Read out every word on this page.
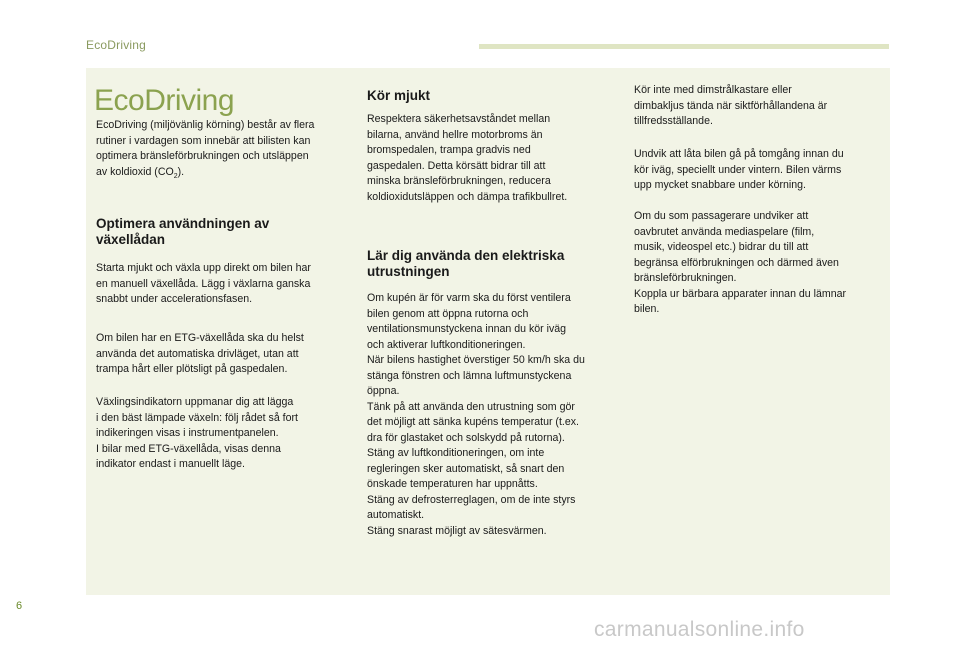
EcoDriving
EcoDriving

EcoDriving (miljövänlig körning) består av flera
rutiner i vardagen som innebär att bilisten kan
optimera bränsleförbrukningen och utsläppen
av koldioxid $(CO_2)$.

Optimera användningen av
växellådan

Starta mjukt och växla upp direkt om bilen har
en manuell växellåda. Lägg i växlarna ganska
snabbt under accelerationsfasen.

Om bilen har en ETG-växellåda ska du helst
använda det automatiska drivläget, utan att
trampa hårt eller plötsligt på gaspedalen.

Växlingsindikatorn uppmanar dig att lägga
i den bäst lämpade växeln: följ rådet så fort
indikeringen visas i instrumentpanelen.
I bilar med ETG-växellåda, visas denna
indikator endast i manuellt läge.

Kör mjukt

Respektera säkerhetsavståndet mellan
bilarna, använd hellre motorbroms än
bromspedalen, trampa gradvis ned
gaspedalen. Detta körsätt bidrar till att
minska bränsleförbrukningen, reducera
koldioxidutsläppen och dämpa trafikbullret.

Lär dig använda den elektriska
utrustningen

Om kupén är för varm ska du först ventilera
bilen genom att öppna rutorna och
ventilationsmunstyckena innan du kör iväg
och aktiverar luftkonditioneringen.
När bilens hastighet överstiger 50 km/h ska du
stänga fönstren och lämna luftmunstyckena
öppna.
Tänk på att använda den utrustning som gör
det möjligt att sänka kupéns temperatur (t.ex.
dra för glastaket och solskydd på rutorna).
Stäng av luftkonditioneringen, om inte
regleringen sker automatiskt, så snart den
önskade temperaturen har uppnåtts.
Stäng av defrosterreglagen, om de inte styrs
automatiskt.
Stäng snarast möjligt av sätesvärmen.

Kör inte med dimstrålkastare eller
dimbakljus tända när siktförhållandena är
tillfredsställande.

Undvik att låta bilen gå på tomgång innan du
kör iväg, speciellt under vintern. Bilen värms
upp mycket snabbare under körning.

Om du som passagerare undviker att
oavbrutet använda mediaspelare (film,
musik, videospel etc.) bidrar du till att
begränsa elförbrukningen och därmed även
bränsleförbrukningen.
Koppla ur bärbara apparater innan du lämnar
bilen.

6
carmanualsonline.info
